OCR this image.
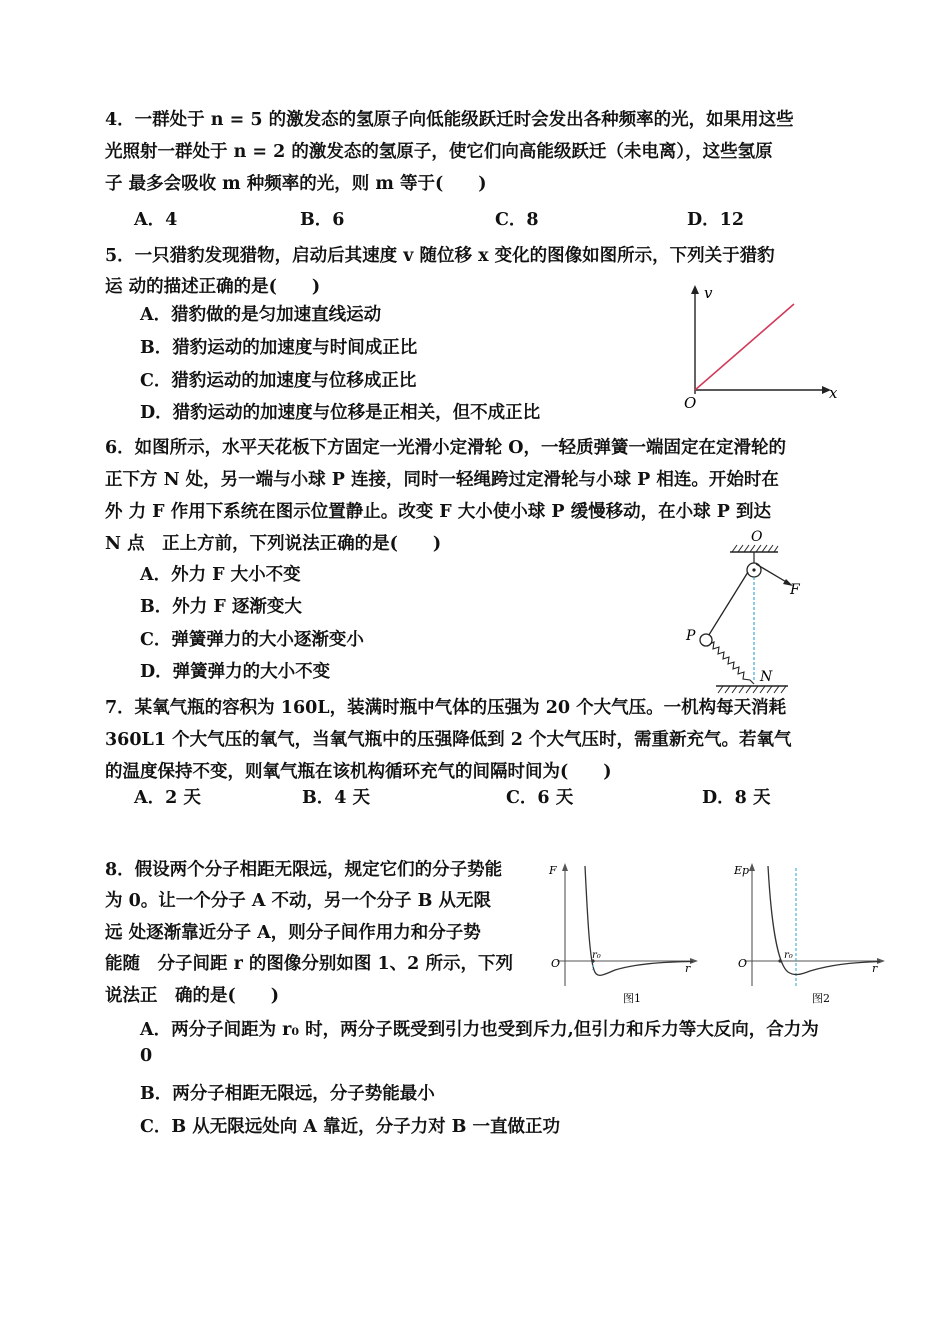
4．一群处于 n = 5 的激发态的氢原子向低能级跃迁时会发出各种频率的光，如果用这些
光照射一群处于 n = 2 的激发态的氢原子，使它们向高能级跃迁（未电离），这些氢原
子 最多会吸收 m 种频率的光，则 m 等于(　　)
A．4	B．6	C．8	D．12
5．一只猎豹发现猎物，启动后其速度 v 随位移 x 变化的图像如图所示，下列关于猎豹
运 动的描述正确的是(　　)
A．猎豹做的是匀加速直线运动
B．猎豹运动的加速度与时间成正比
C．猎豹运动的加速度与位移成正比
D．猎豹运动的加速度与位移是正相关，但不成正比
v
x
O
6．如图所示，水平天花板下方固定一光滑小定滑轮 O，一轻质弹簧一端固定在定滑轮的
正下方 N 处，另一端与小球 P 连接，同时一轻绳跨过定滑轮与小球 P 相连。开始时在
外 力 F 作用下系统在图示位置静止。改变 F 大小使小球 P 缓慢移动，在小球 P 到达
N 点　正上方前，下列说法正确的是(　　)
A．外力 F 大小不变
B．外力 F 逐渐变大
C．弹簧弹力的大小逐渐变小
D．弹簧弹力的大小不变
O
F
P
N
7．某氧气瓶的容积为 160L，装满时瓶中气体的压强为 20 个大气压。一机构每天消耗
360L1 个大气压的氧气，当氧气瓶中的压强降低到 2 个大气压时，需重新充气。若氧气
的温度保持不变，则氧气瓶在该机构循环充气的间隔时间为(　　)
A．2 天	B．4 天	C．6 天	D．8 天
8．假设两个分子相距无限远，规定它们的分子势能
为 0。让一个分子 A 不动，另一个分子 B 从无限
远 处逐渐靠近分子 A，则分子间作用力和分子势
能随　分子间距 r 的图像分别如图 1、2 所示，下列
说法正　确的是(　　)
F
O
r₀
r
图1
Ep
O
r₀
r
图2
A．两分子间距为 r₀ 时，两分子既受到引力也受到斥力,但引力和斥力等大反向，合力为
0
B．两分子相距无限远，分子势能最小
C．B 从无限远处向 A 靠近，分子力对 B 一直做正功
